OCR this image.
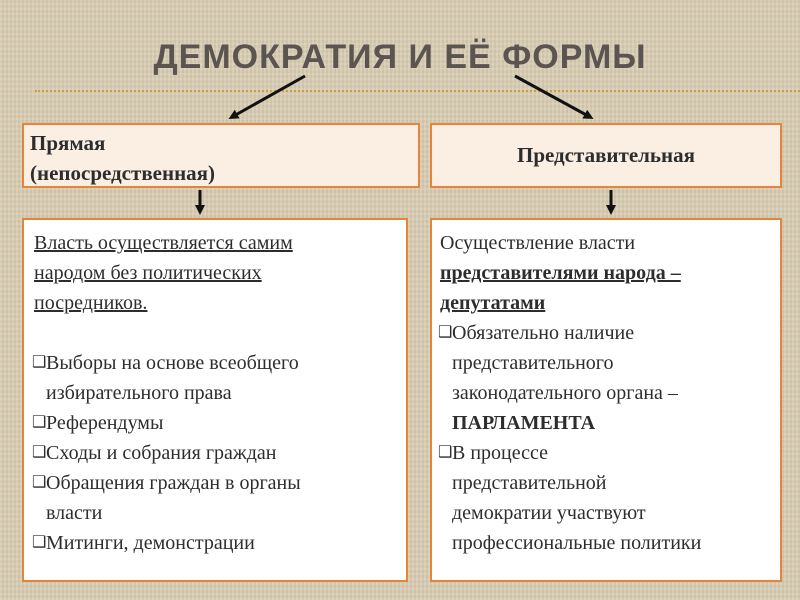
ДЕМОКРАТИЯ И ЕЁ ФОРМЫ
Прямая
(непосредственная)
Представительная
Власть осуществляется самим
народом без политических
посредников.
❑ Выборы на основе всеобщего
избирательного права
❑ Референдумы
❑ Сходы и собрания граждан
❑ Обращения граждан в органы
власти
❑ Митинги, демонстрации
Осуществление власти
представителями народа –
депутатами
❑ Обязательно наличие
представительного
законодательного органа –
ПАРЛАМЕНТА
❑ В процессе
представительной
демократии участвуют
профессиональные политики
